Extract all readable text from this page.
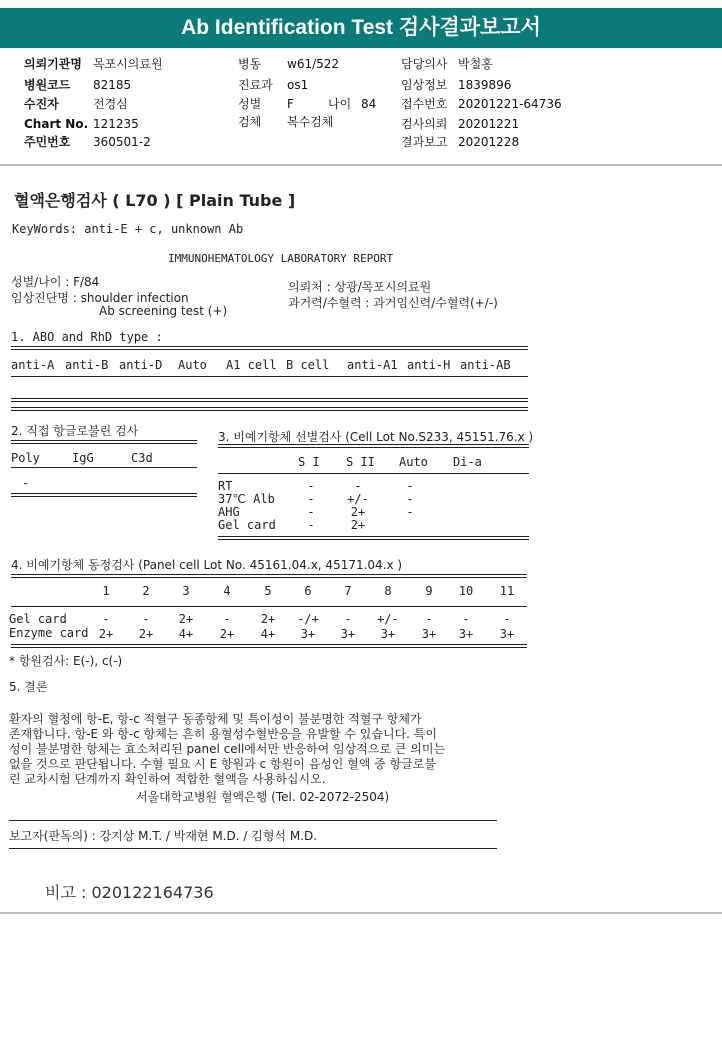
Ab Identification Test 검사결과보고서
의뢰기관명 목포시의료원
병원코드 82185
수진자	전경심
Chart No. 121235
주민번호 360501-2
병동 w61/522
진료과 os1
성별 F	나이 84
검체 복수검체
담당의사 박철홍
임상정보 1839896
접수번호 20201221-64736
검사의뢰 20201221
결과보고 20201228
혈액은행검사 ( L70 ) [ Plain Tube ]
KeyWords: anti-E + c, unknown Ab
IMMUNOHEMATOLOGY LABORATORY REPORT
성별/나이 : F/84
임상진단명 : shoulder infection
Ab screening test (+)
의뢰처 : 상광/목포시의료원
과거력/수혈력 : 과거임신력/수혈력(+/-)
1. ABO and RhD type :
anti-A anti-B anti-D Auto A1 cell B cell anti-A1 anti-H anti-AB
2. 직접 항글로불린 검사
Poly	IgG	C3d
-
3. 비예기항체 선별검사 (Cell Lot No.S233, 45151.76.x )
S I S II Auto Di-a
RT	-	-	-
37℃ Alb	-	+/-	-
AHG	-	2+	-
Gel card	-	2+
4. 비예기항체 동정검사 (Panel cell Lot No. 45161.04.x, 45171.04.x )
1	2	3	4	5	6	7	8	9	10	11
Gel card	-	-	2+	-	2+	-/+	-	+/-	-	-	-
Enzyme card 2+	2+	4+	2+	4+	3+	3+	3+	3+	3+	3+
* 항원검사: E(-), c(-)
5. 결론
환자의 혈청에 항-E, 항-c 적혈구 동종항체 및 특이성이 불분명한 적혈구 항체가
존재합니다. 항-E 와 항-c 항체는 흔히 용혈성수혈반응을 유발할 수 있습니다. 특이
성이 불분명한 항체는 효소처리된 panel cell에서만 반응하여 임상적으로 큰 의미는
없을 것으로 판단됩니다. 수혈 필요 시 E 항원과 c 항원이 음성인 혈액 중 항글로불
린 교차시험 단계까지 확인하여 적합한 혈액을 사용하십시오.
서울대학교병원 혈액은행 (Tel. 02-2072-2504)
보고자(판독의) : 강지상 M.T. / 박재현 M.D. / 김형석 M.D.
비고 : 020122164736
